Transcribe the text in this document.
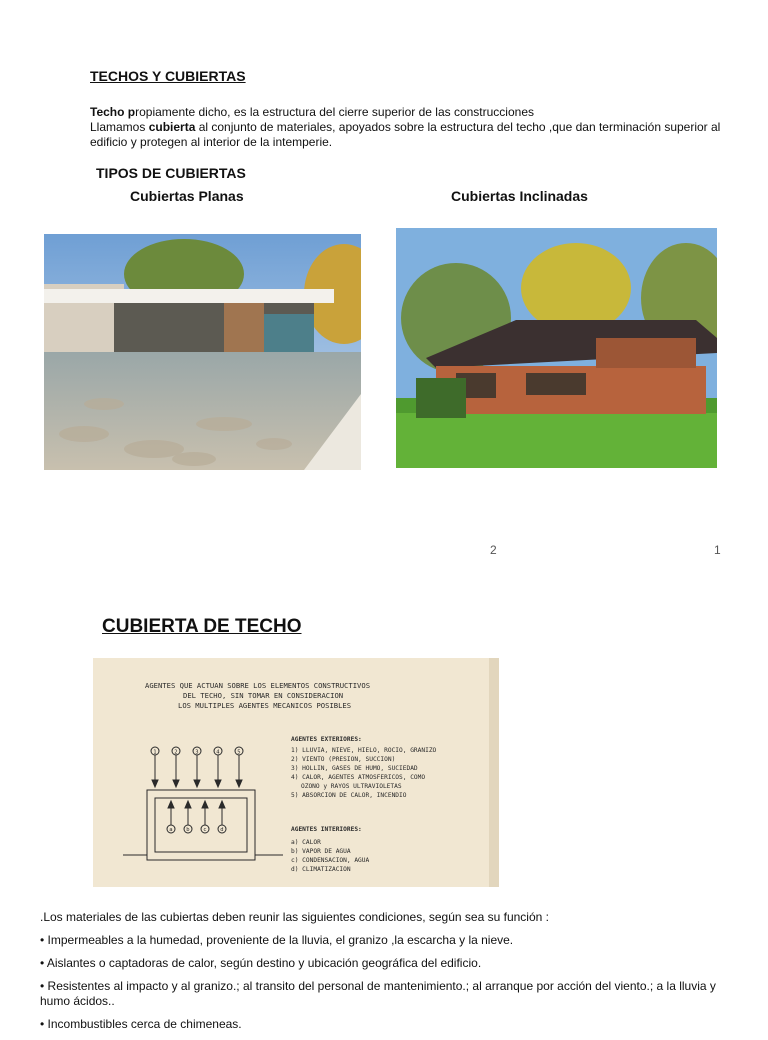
TECHOS Y CUBIERTAS
Techo propiamente dicho, es la estructura del cierre superior de las construcciones
Llamamos cubierta al conjunto de materiales, apoyados sobre la estructura del techo ,que dan terminación superior al edificio y protegen al interior de la intemperie.
TIPOS DE CUBIERTAS
Cubiertas Planas	Cubiertas Inclinadas
2	1
CUBIERTA DE TECHO
AGENTES QUE ACTUAN SOBRE LOS ELEMENTOS CONSTRUCTIVOS
DEL TECHO, SIN TOMAR EN CONSIDERACION
LOS MULTIPLES AGENTES MECANICOS POSIBLES
AGENTES EXTERIORES:
1) LLUVIA, NIEVE, HIELO, ROCIO, GRANIZO
2) VIENTO (PRESION, SUCCION)
3) HOLLIN, GASES DE HUMO, SUCIEDAD
4) CALOR, AGENTES ATMOSFERICOS, COMO
OZONO y RAYOS ULTRAVIOLETAS
5) ABSORCION DE CALOR, INCENDIO
AGENTES INTERIORES:
a) CALOR
b) VAPOR DE AGUA
c) CONDENSACION, AGUA
d) CLIMATIZACION
1	2	3	4	5
a b c d

.Los materiales de las cubiertas deben reunir las siguientes condiciones, según sea su función :

• Impermeables a la humedad, proveniente de la lluvia, el granizo ,la escarcha y la nieve.

• Aislantes o captadoras de calor, según destino y ubicación geográfica del edificio.

• Resistentes al impacto y al granizo.; al transito del personal de mantenimiento.; al arranque por acción del viento.; a la lluvia y humo ácidos..

• Incombustibles cerca de chimeneas.
